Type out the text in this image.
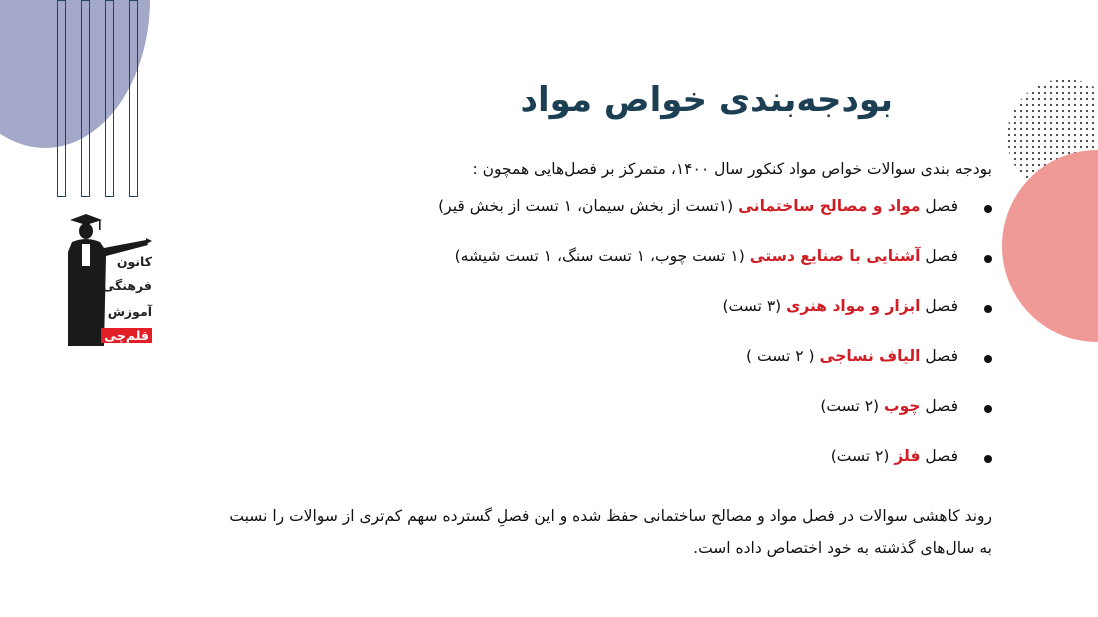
کانون
فرهنگی
آموزش
قلم‌چی
بودجه‌بندی خواص مواد

بودجه بندی سوالات خواص مواد کنکور سال ۱۴۰۰، متمرکز بر فصل‌هایی همچون :

فصل مواد و مصالح ساختمانی (۱تست از بخش سیمان، ۱ تست از بخش قیر)
فصل آشنایی با صنایع دستی (۱ تست چوب، ۱ تست سنگ، ۱ تست شیشه)
فصل ابزار و مواد هنری (۳ تست)
فصل الیاف نساجی ( ۲ تست )
فصل چوب (۲ تست)
فصل فلز (۲ تست)

روند کاهشی سوالات در فصل مواد و مصالح ساختمانی حفظ شده و این فصلِ گسترده سهم کم‌تری از سوالات را نسبت به سال‌های گذشته به خود اختصاص داده است.
